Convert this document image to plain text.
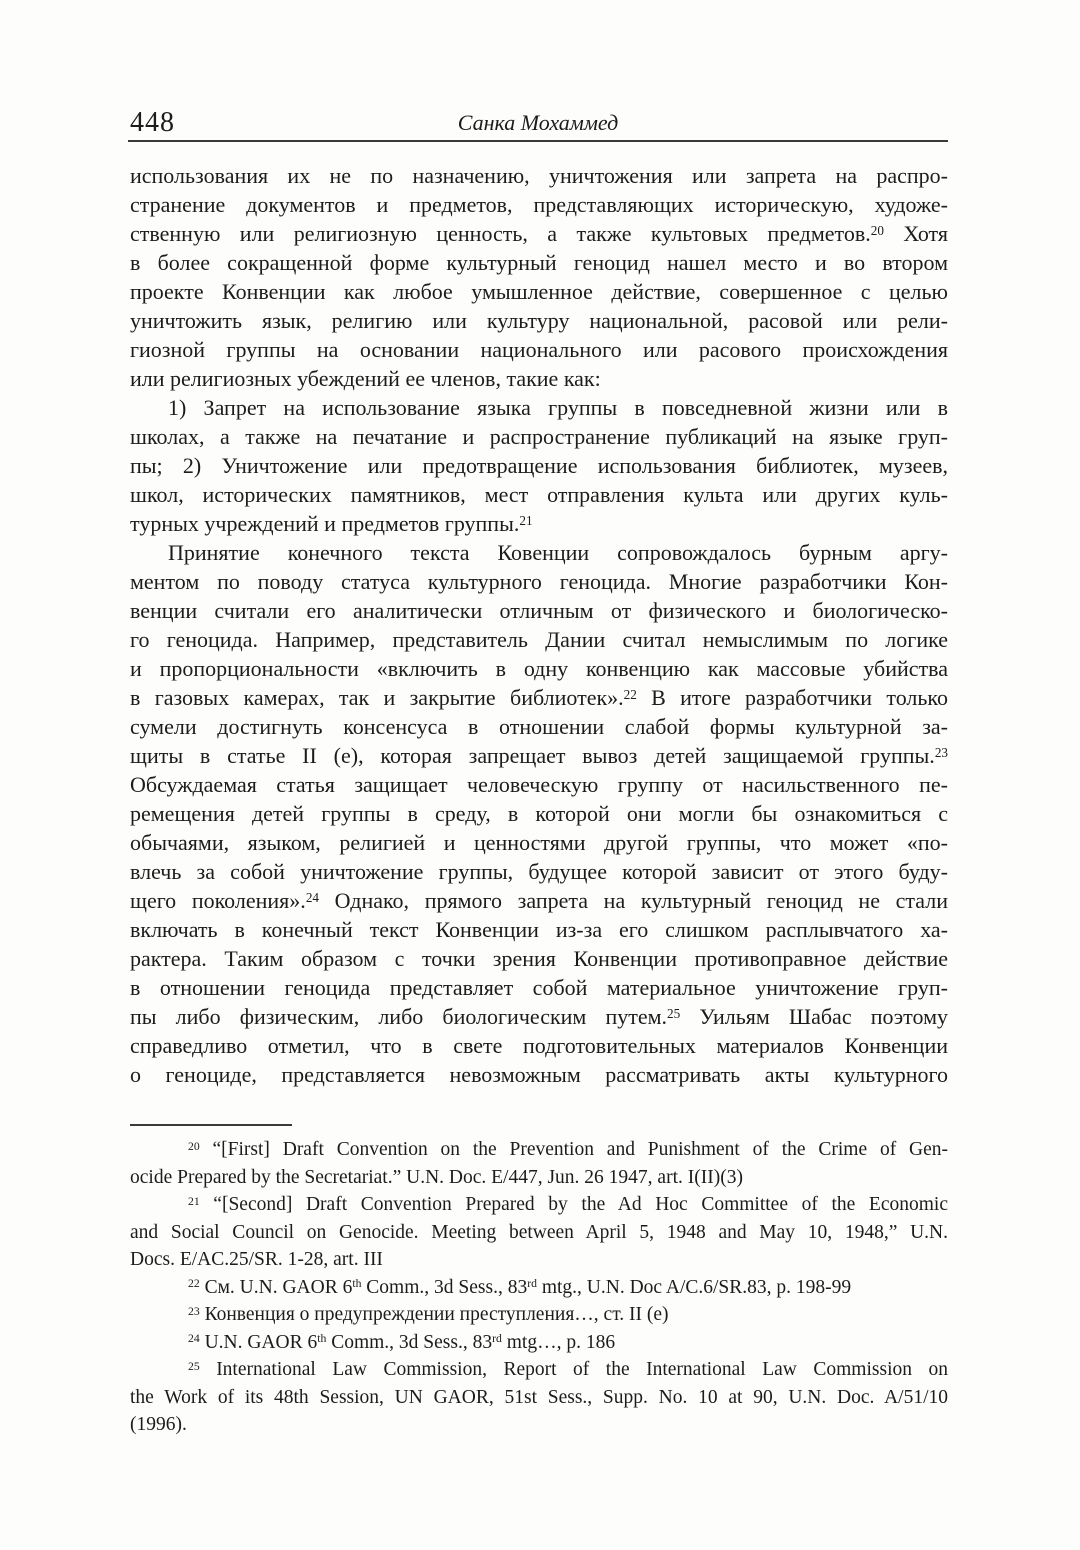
448	Санка Мохаммед
использования их не по назначению, уничтожения или запрета на распро-
странение документов и предметов, представляющих историческую, художе-
ственную или религиозную ценность, а также культовых предметов.$^{20}$ Хотя
в более сокращенной форме культурный геноцид нашел место и во втором
проекте Конвенции как любое умышленное действие, совершенное с целью
уничтожить язык, религию или культуру национальной, расовой или рели-
гиозной группы на основании национального или расового происхождения
или религиозных убеждений ее членов, такие как:
1) Запрет на использование языка группы в повседневной жизни или в
школах, а также на печатание и распространение публикаций на языке груп-
пы; 2) Уничтожение или предотвращение использования библиотек, музеев,
школ, исторических памятников, мест отправления культа или других куль-
турных учреждений и предметов группы.$^{21}$
Принятие конечного текста Ковенции сопровождалось бурным аргу-
ментом по поводу статуса культурного геноцида. Многие разработчики Кон-
венции считали его аналитически отличным от физического и биологическо-
го геноцида. Например, представитель Дании считал немыслимым по логике
и пропорциональности «включить в одну конвенцию как массовые убийства
в газовых камерах, так и закрытие библиотек».$^{22}$ В итоге разработчики только
сумели достигнуть консенсуса в отношении слабой формы культурной за-
щиты в статье II (е), которая запрещает вывоз детей защищаемой группы.$^{23}$
Обсуждаемая статья защищает человеческую группу от насильственного пе-
ремещения детей группы в среду, в которой они могли бы ознакомиться с
обычаями, языком, религией и ценностями другой группы, что может «по-
влечь за собой уничтожение группы, будущее которой зависит от этого буду-
щего поколения».$^{24}$ Однако, прямого запрета на культурный геноцид не стали
включать в конечный текст Конвенции из-за его слишком расплывчатого ха-
рактера. Таким образом с точки зрения Конвенции противоправное действие
в отношении геноцида представляет собой материальное уничтожение груп-
пы либо физическим, либо биологическим путем.$^{25}$ Уильям Шабас поэтому
справедливо отметил, что в свете подготовительных материалов Конвенции
о геноциде, представляется невозможным рассматривать акты культурного
$^{20}$ “[First] Draft Convention on the Prevention and Punishment of the Crime of Gen-
ocide Prepared by the Secretariat.” U.N. Doc. E/447, Jun. 26 1947, art. I(II)(3)
$^{21}$ “[Second] Draft Convention Prepared by the Ad Hoc Committee of the Economic
and Social Council on Genocide. Meeting between April 5, 1948 and May 10, 1948,” U.N.
Docs. E/AC.25/SR. 1-28, art. III
$^{22}$ См. U.N. GAOR 6th Comm., 3d Sess., 83rd mtg., U.N. Doc A/C.6/SR.83, p. 198-99
$^{23}$ Конвенция о предупреждении преступления…, ст. II (е)
$^{24}$ U.N. GAOR 6th Comm., 3d Sess., 83rd mtg…, p. 186
$^{25}$ International Law Commission, Report of the International Law Commission on
the Work of its 48th Session, UN GAOR, 51st Sess., Supp. No. 10 at 90, U.N. Doc. A/51/10
(1996).
